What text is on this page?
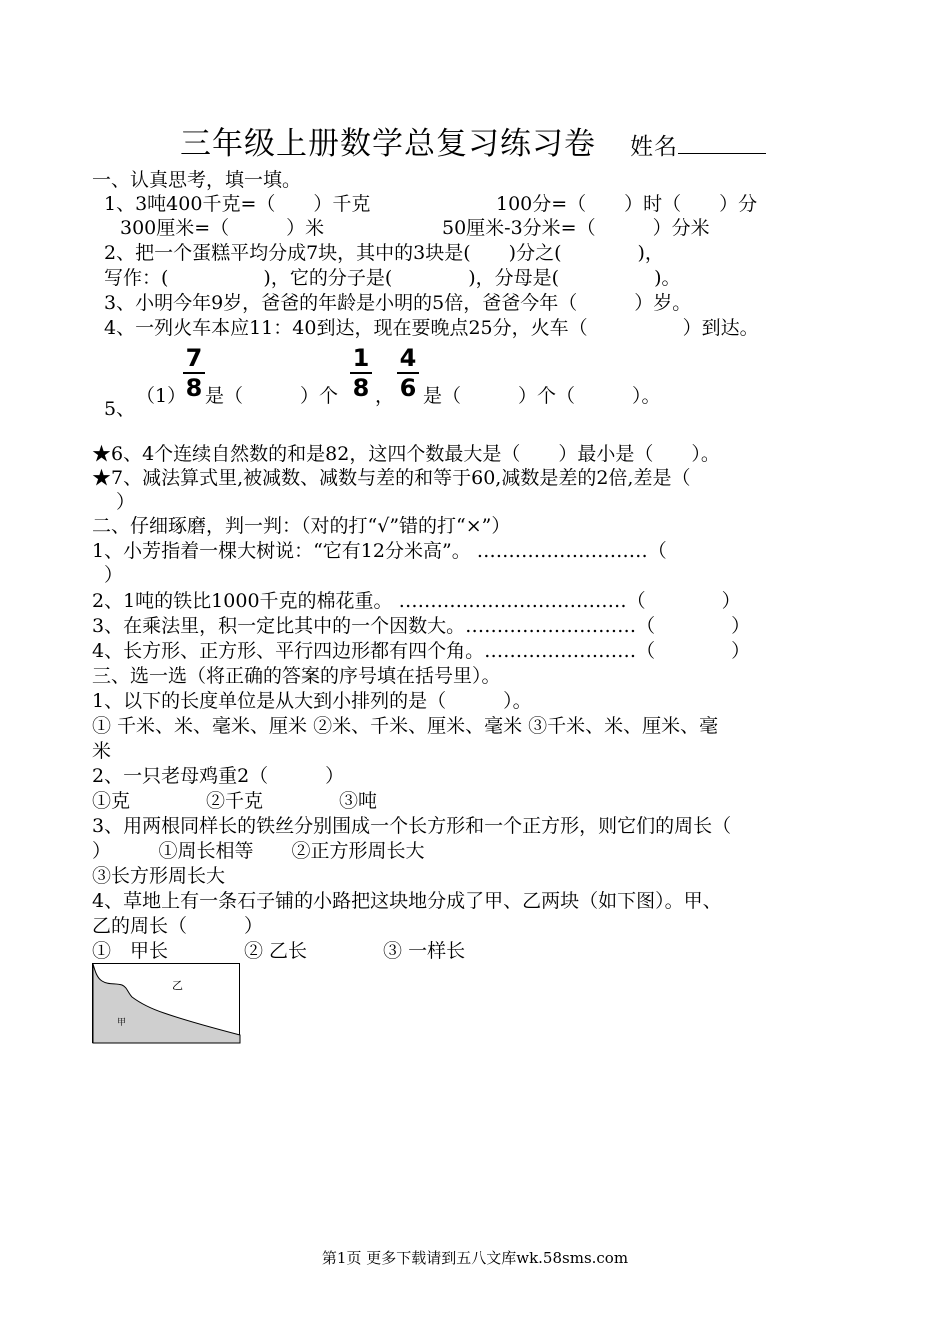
三年级上册数学总复习练习卷 姓名
一、认真思考，填一填。
1、3吨400千克=（　　）千克	100分=（　　）时（　　）分
300厘米=（　　　）米	50厘米-3分米=（　　　）分米
2、把一个蛋糕平均分成7块，其中的3块是(　　)分之(　　　　)，
写作：(　　　　　)，它的分子是(　　　　)，分母是(　　　　　)。
3、小明今年9岁，爸爸的年龄是小明的5倍，爸爸今年（　　　）岁。
4、一列火车本应11：40到达，现在要晚点25分，火车（　　　　　）到达。
7
8
1
8
4
6
（1） 是（　　　）个 ， 是（　　　）个（　　　）。
5、
★6、4个连续自然数的和是82，这四个数最大是（　　）最小是（　　）。
★7、减法算式里,被减数、减数与差的和等于60,减数是差的2倍,差是（
）
二、仔细琢磨，判一判：（对的打“√”错的打“×”）
1、小芳指着一棵大树说：“它有12分米高”。 ………………………（
）
2、1吨的铁比1000千克的棉花重。 ………………………………（　　　　）
3、在乘法里，积一定比其中的一个因数大。………………………（　　　　）
4、长方形、正方形、平行四边形都有四个角。……………………（　　　　）
三、选一选（将正确的答案的序号填在括号里）。
1、以下的长度单位是从大到小排列的是（　　　）。
① 千米、米、毫米、厘米 ②米、千米、厘米、毫米 ③千米、米、厘米、毫
米
2、一只老母鸡重2（　　　）
①克　　　　②千克　　　　③吨
3、用两根同样长的铁丝分别围成一个长方形和一个正方形，则它们的周长（
）　　　①周长相等　　②正方形周长大
③长方形周长大
4、草地上有一条石子铺的小路把这块地分成了甲、乙两块（如下图）。甲、
乙的周长（　　　）
①　甲长　　　　② 乙长　　　　③ 一样长
乙
甲
第1页 更多下载请到五八文库wk.58sms.com
